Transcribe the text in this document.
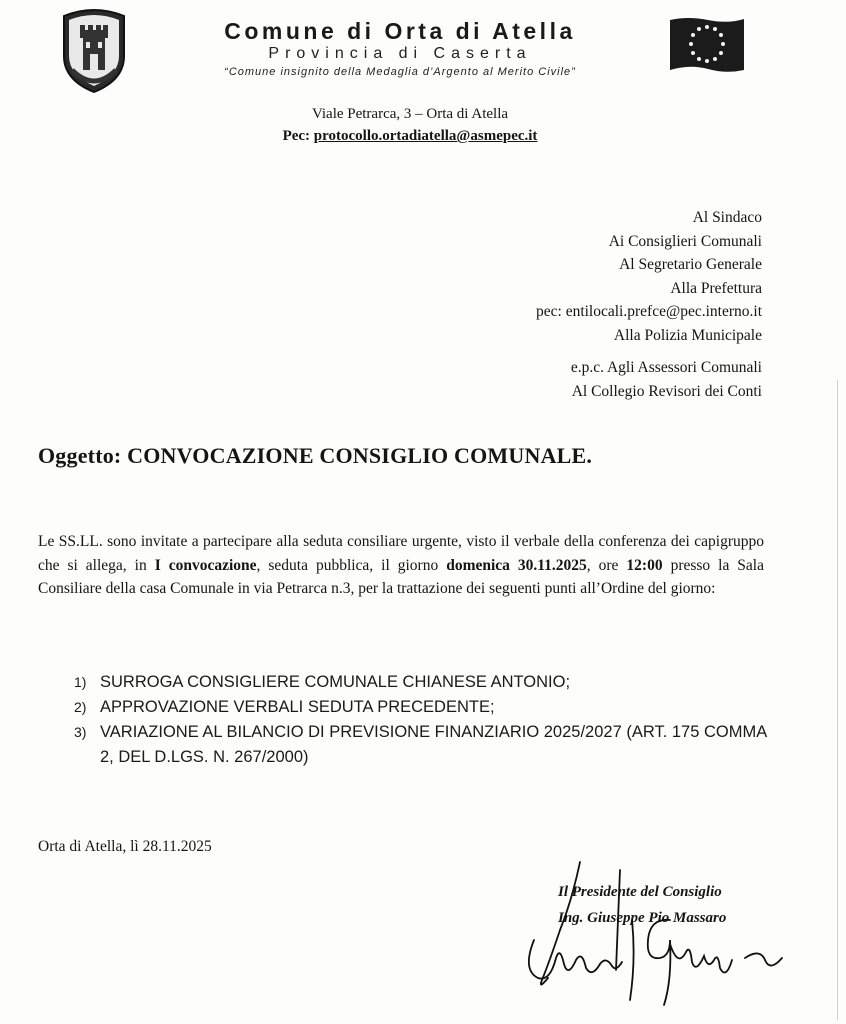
Comune di Orta di Atella
Provincia di Caserta
“Comune insignito della Medaglia d’Argento al Merito Civile”
Viale Petrarca, 3 – Orta di Atella
Pec: protocollo.ortadiatella@asmepec.it
Al Sindaco
Ai Consiglieri Comunali
Al Segretario Generale
Alla Prefettura
pec: entilocali.prefce@pec.interno.it
Alla Polizia Municipale
e.p.c. Agli Assessori Comunali
Al Collegio Revisori dei Conti
Oggetto: CONVOCAZIONE CONSIGLIO COMUNALE.
Le SS.LL. sono invitate a partecipare alla seduta consiliare urgente, visto il verbale della conferenza dei capigruppo che si allega, in I convocazione, seduta pubblica, il giorno domenica 30.11.2025, ore 12:00 presso la Sala Consiliare della casa Comunale in via Petrarca n.3, per la trattazione dei seguenti punti all’Ordine del giorno:
1) SURROGA CONSIGLIERE COMUNALE CHIANESE ANTONIO;
2) APPROVAZIONE VERBALI SEDUTA PRECEDENTE;
3) VARIAZIONE AL BILANCIO DI PREVISIONE FINANZIARIO 2025/2027 (ART. 175 COMMA 2, DEL D.LGS. N. 267/2000)
Orta di Atella, lì 28.11.2025
Il Presidente del Consiglio
Ing. Giuseppe Pio Massaro
